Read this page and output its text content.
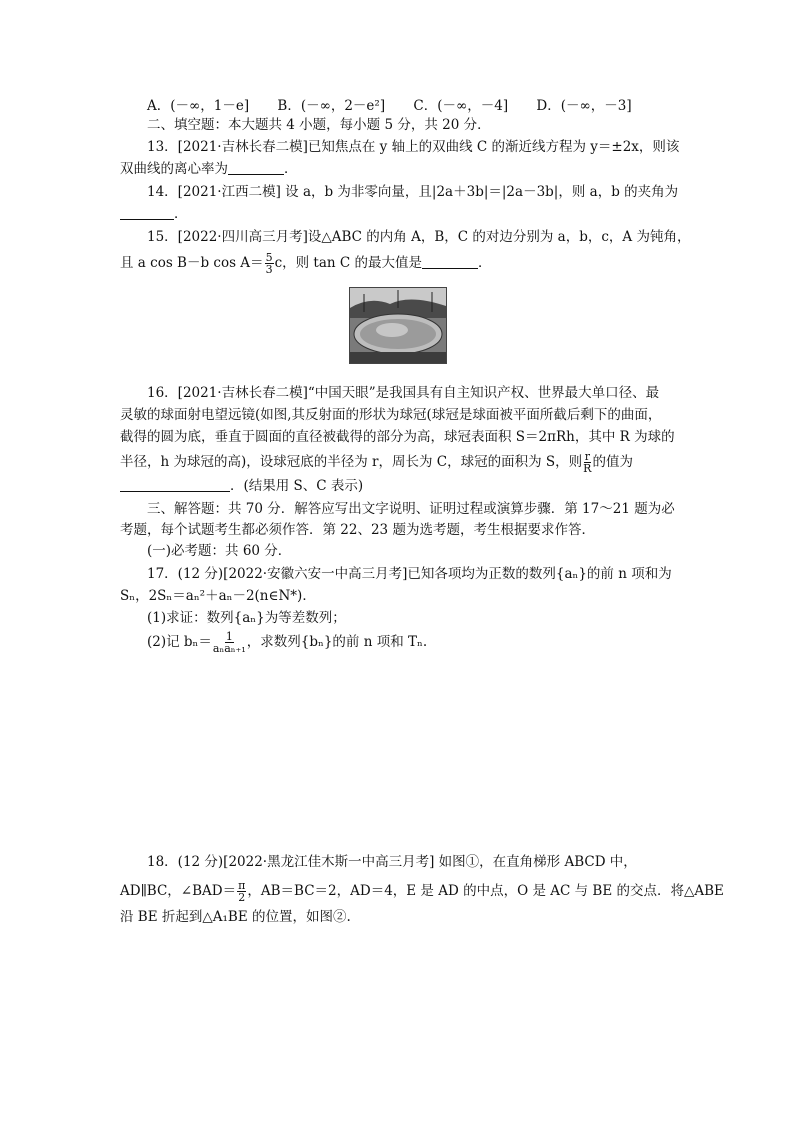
A．(－∞，1－e] B．(－∞，2－e²] C．(－∞，－4] D．(－∞，－3]
二、填空题：本大题共 4 小题，每小题 5 分，共 20 分．
13．[2021·吉林长春二模]已知焦点在 y 轴上的双曲线 C 的渐近线方程为 y＝±2x，则该
双曲线的离心率为	．
14．[2021·江西二模] 设 a，b 为非零向量，且|2a＋3b|＝|2a－3b|，则 a，b 的夹角为
．
15．[2022·四川高三月考]设△ABC 的内角 A，B，C 的对边分别为 a，b，c，A 为钝角，
且 a cos B－b $\cos A= \frac{5}{3}$ c，则 tan C 的最大值是	．
16．[2021·吉林长春二模]“中国天眼”是我国具有自主知识产权、世界最大单口径、最
灵敏的球面射电望远镜(如图,其反射面的形状为球冠(球冠是球面被平面所截后剩下的曲面，
截得的圆为底，垂直于圆面的直径被截得的部分为高，球冠表面积 S＝2πRh，其中 R 为球的
半径，h 为球冠的高)，设球冠底的半径为 r，周长为 C，球冠的面积为 S，则 $\frac{r}{R}$ 的值为
．(结果用 S、C 表示)
三、解答题：共 70 分．解答应写出文字说明、证明过程或演算步骤．第 17～21 题为必
考题，每个试题考生都必须作答．第 22、23 题为选考题，考生根据要求作答．
(一)必考题：共 60 分．
17．(12 分)[2022·安徽六安一中高三月考]已知各项均为正数的数列{aₙ}的前 n 项和为
Sₙ，2Sₙ＝aₙ²＋aₙ－2(n∈N*)．
(1)求证：数列{aₙ}为等差数列；
(2)记 $b_n= \frac{1}{\text{aₙaₙ₊₁}}$ ，求数列{bₙ}的前 n 项和 Tₙ.
18．(12 分)[2022·黑龙江佳木斯一中高三月考] 如图①，在直角梯形 ABCD 中，
AD∥BC，∠BAD＝ $\frac{\pi}{2}$ ，AB＝BC＝2，AD＝4，E 是 AD 的中点，O 是 AC 与 BE 的交点．将△ABE
沿 BE 折起到△A₁BE 的位置，如图②.
